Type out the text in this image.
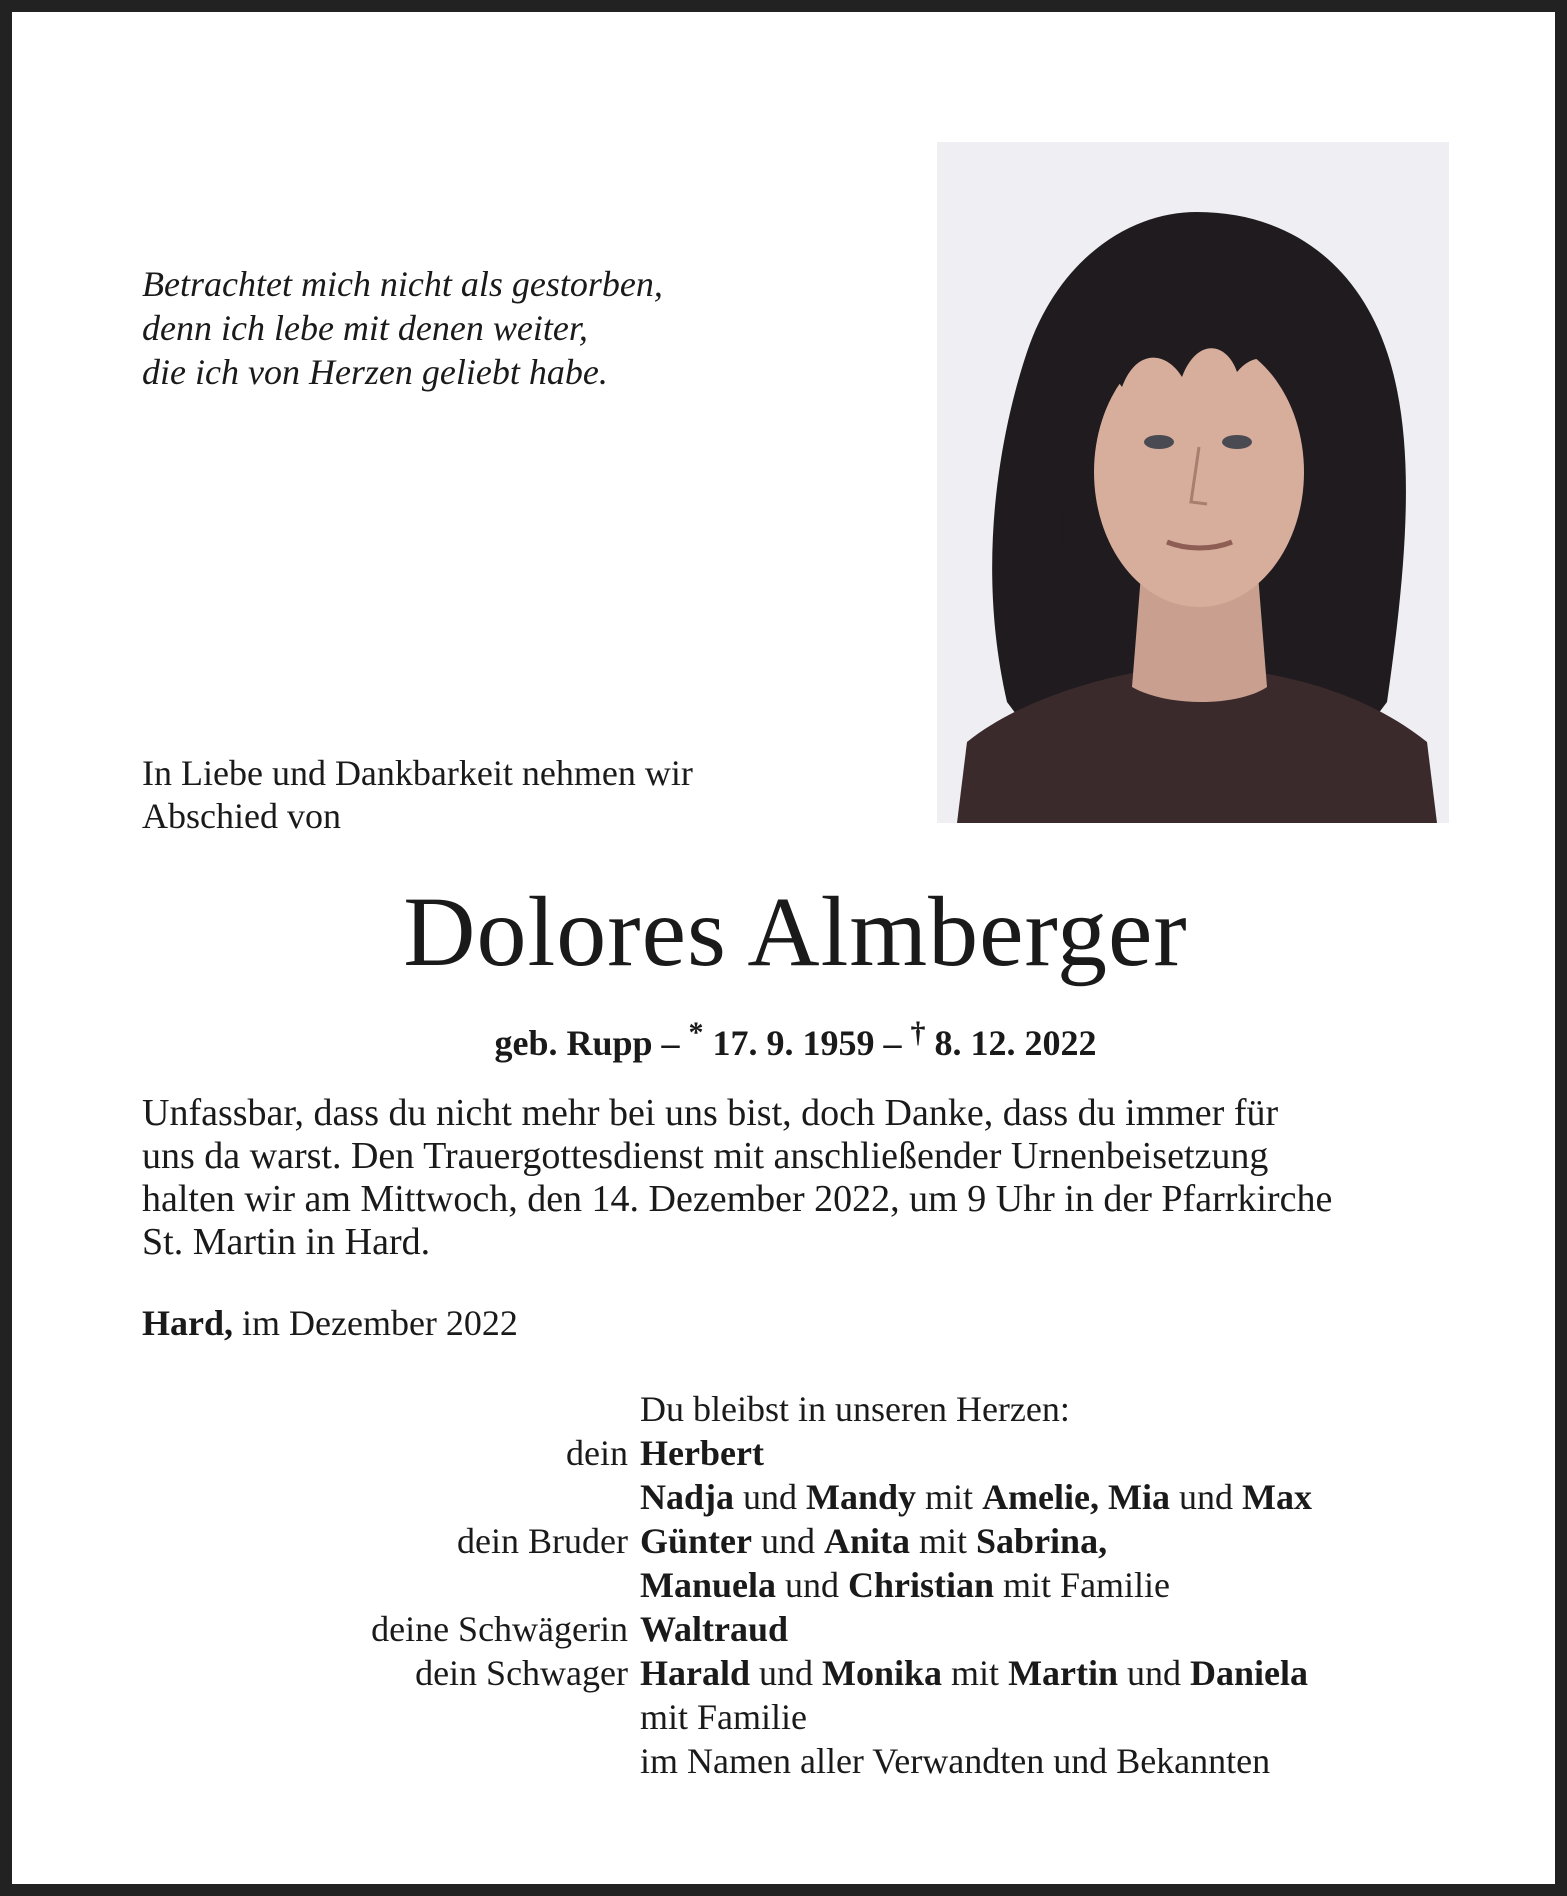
Betrachtet mich nicht als gestorben,
denn ich lebe mit denen weiter,
die ich von Herzen geliebt habe.
In Liebe und Dankbarkeit nehmen wir
Abschied von
Dolores Almberger
geb. Rupp – * 17. 9. 1959 – † 8. 12. 2022
Unfassbar, dass du nicht mehr bei uns bist, doch Danke, dass du immer für
uns da warst. Den Trauergottesdienst mit anschließender Urnenbeisetzung
halten wir am Mittwoch, den 14. Dezember 2022, um 9 Uhr in der Pfarrkirche
St. Martin in Hard.
Hard, im Dezember 2022
Du bleibst in unseren Herzen:
dein Herbert
Nadja und Mandy mit Amelie, Mia und Max
dein Bruder Günter und Anita mit Sabrina,
Manuela und Christian mit Familie
deine Schwägerin Waltraud
dein Schwager Harald und Monika mit Martin und Daniela
mit Familie
im Namen aller Verwandten und Bekannten
